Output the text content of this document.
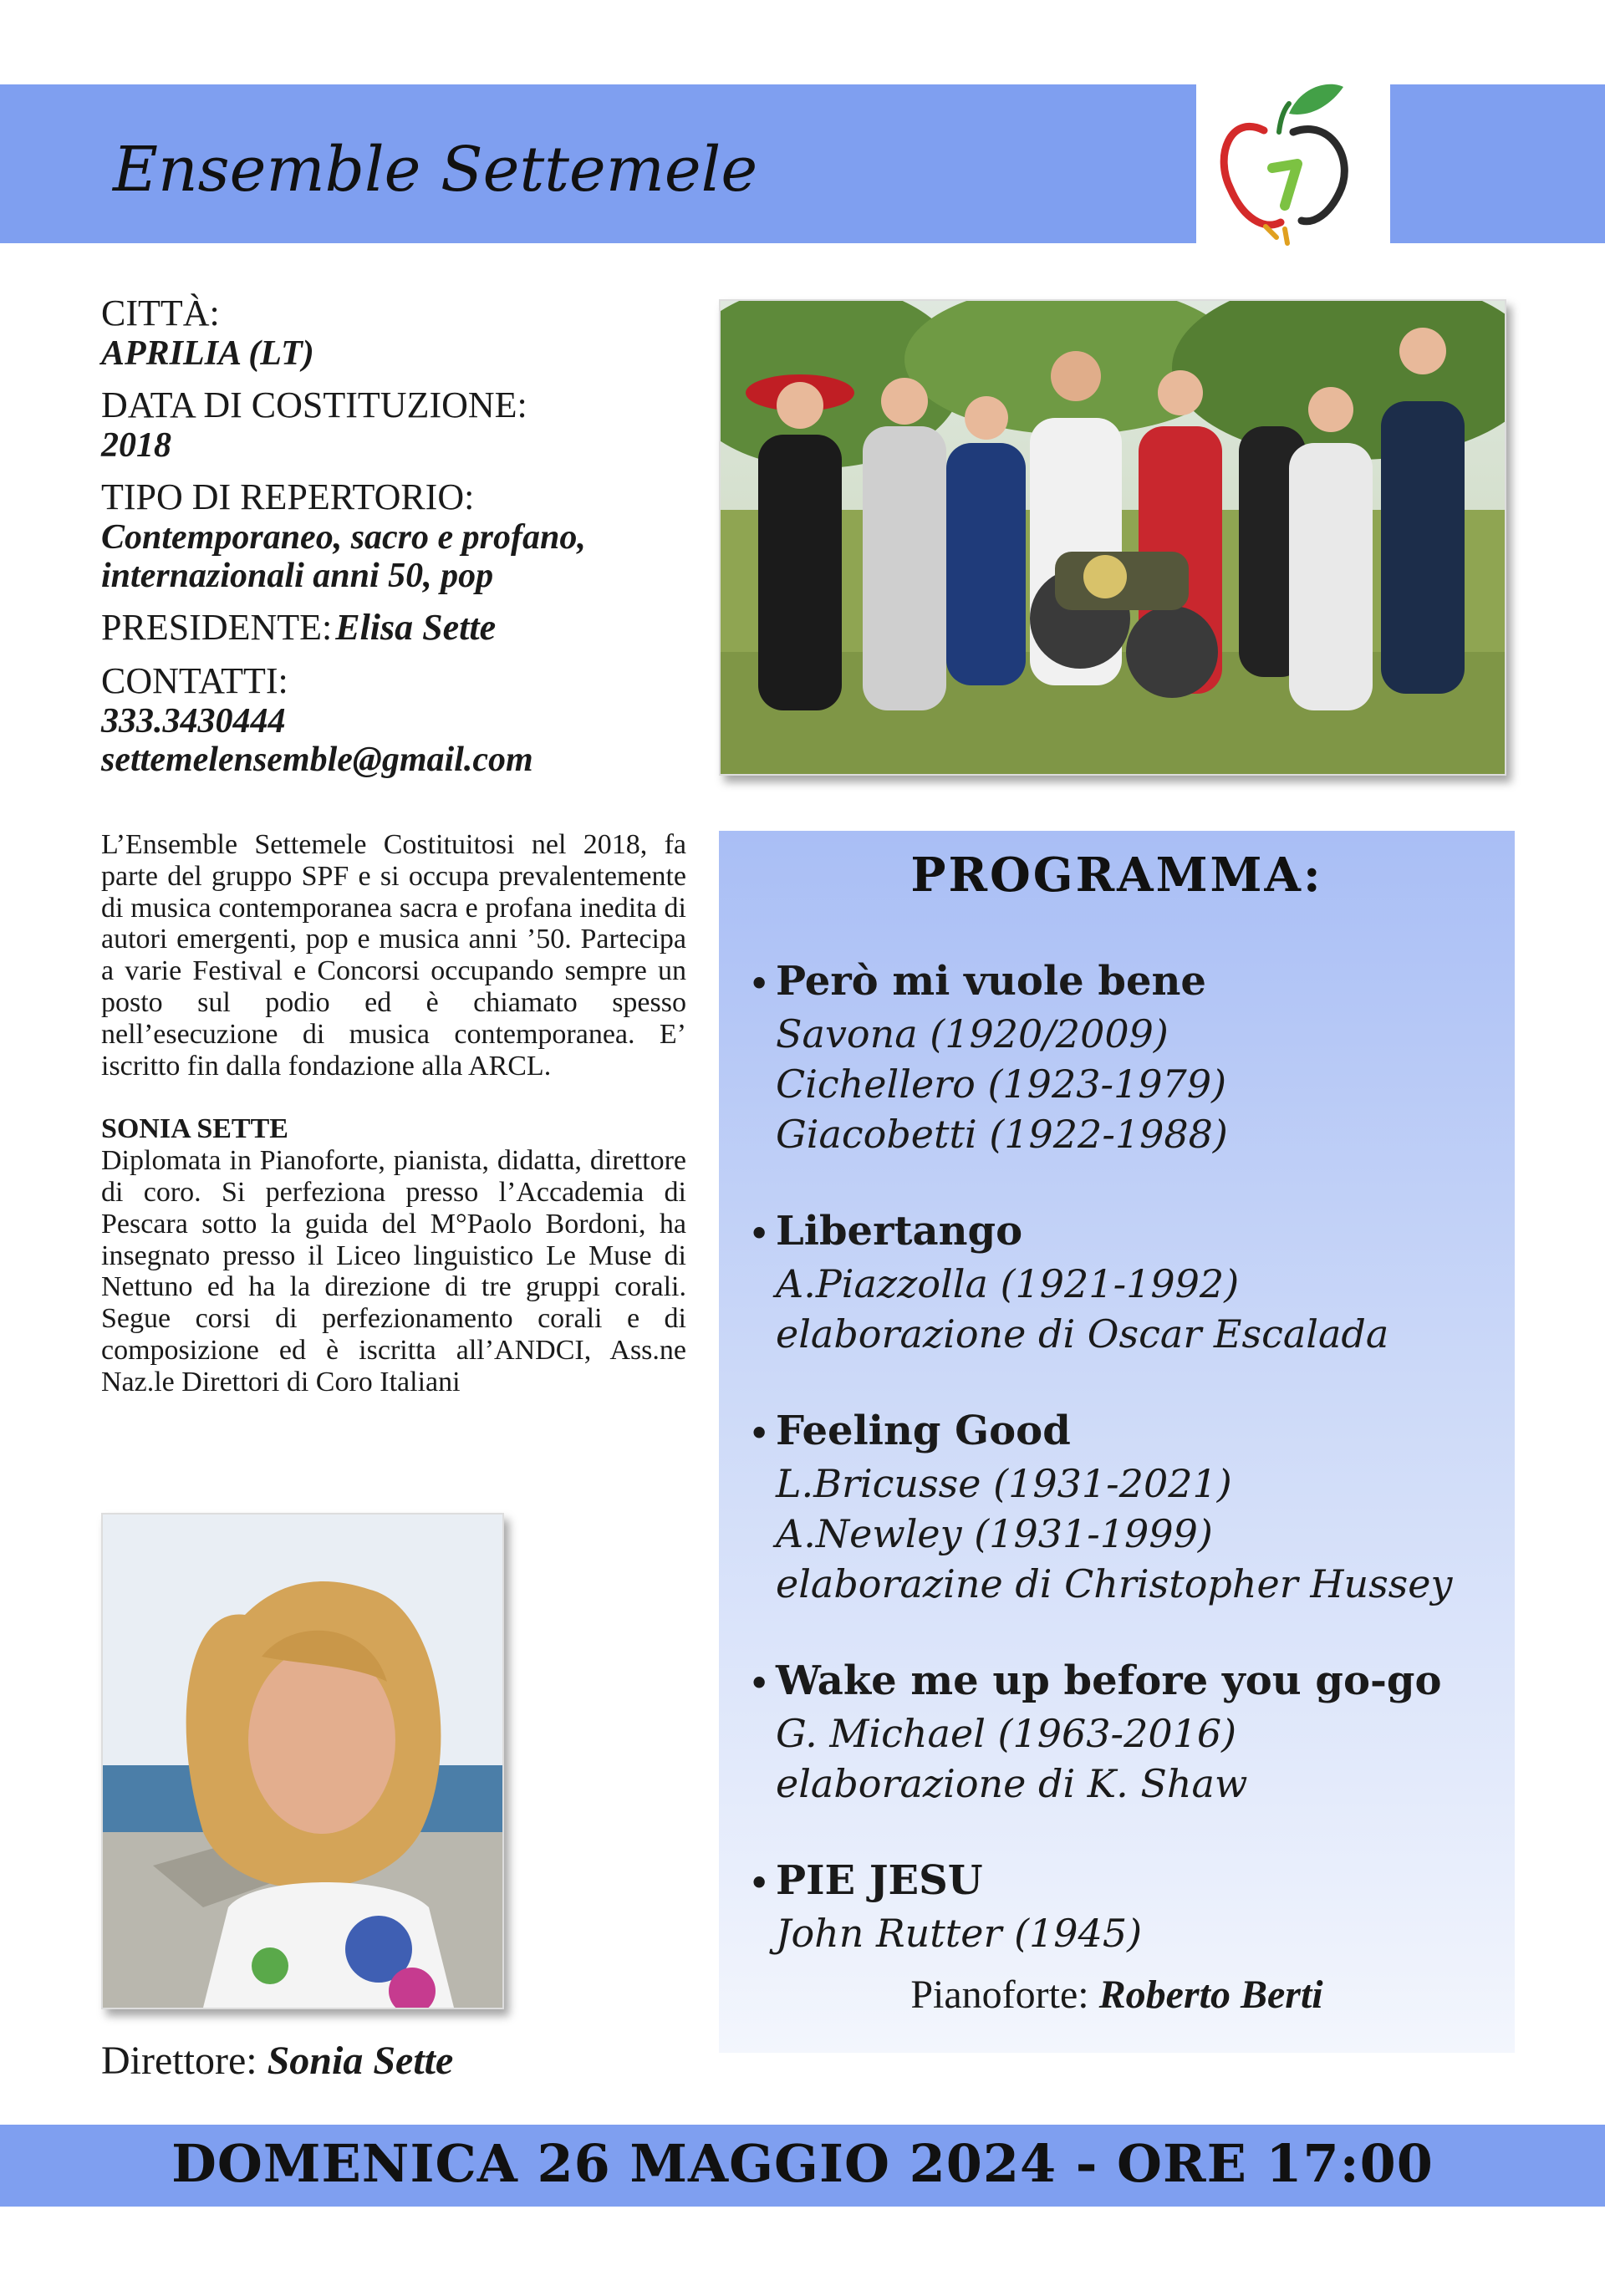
Ensemble Settemele
CITTÀ:
APRILIA (LT)
DATA DI COSTITUZIONE:
2018
TIPO DI REPERTORIO:
Contemporaneo, sacro e profano,
internazionali anni 50, pop
PRESIDENTE: Elisa Sette
CONTATTI:
333.3430444
settemelensemble@gmail.com

L’Ensemble Settemele Costituitosi nel 2018, fa parte del gruppo SPF e si occupa prevalentemente di musica contemporanea sacra e profana inedita di autori emergenti, pop e musica anni ’50. Partecipa a varie Festival e Concorsi occupando sempre un posto sul podio ed è chiamato spesso nell’esecuzione di musica contemporanea. E’ iscritto fin dalla fondazione alla ARCL.

SONIA SETTE

Diplomata in Pianoforte, pianista, didatta, direttore di coro. Si perfeziona presso l’Accademia di Pescara sotto la guida del M°Paolo Bordoni, ha insegnato presso il Liceo linguistico Le Muse di Nettuno ed ha la direzione di tre gruppi corali. Segue corsi di perfezionamento corali e di composizione ed è iscritta all’ANDCI, Ass.ne Naz.le Direttori di Coro Italiani

Direttore: Sonia Sette
PROGRAMMA:
• Però mi vuole bene
Savona (1920/2009)
Cichellero (1923-1979)
Giacobetti (1922-1988)
• Libertango
A.Piazzolla (1921-1992)
elaborazione di Oscar Escalada
• Feeling Good
L.Bricusse (1931-2021)
A.Newley (1931-1999)
elaborazine di Christopher Hussey
• Wake me up before you go-go
G. Michael (1963-2016)
elaborazione di K. Shaw
• PIE JESU
John Rutter (1945)
Pianoforte: Roberto Berti
DOMENICA 26 MAGGIO 2024 - ORE 17:00
